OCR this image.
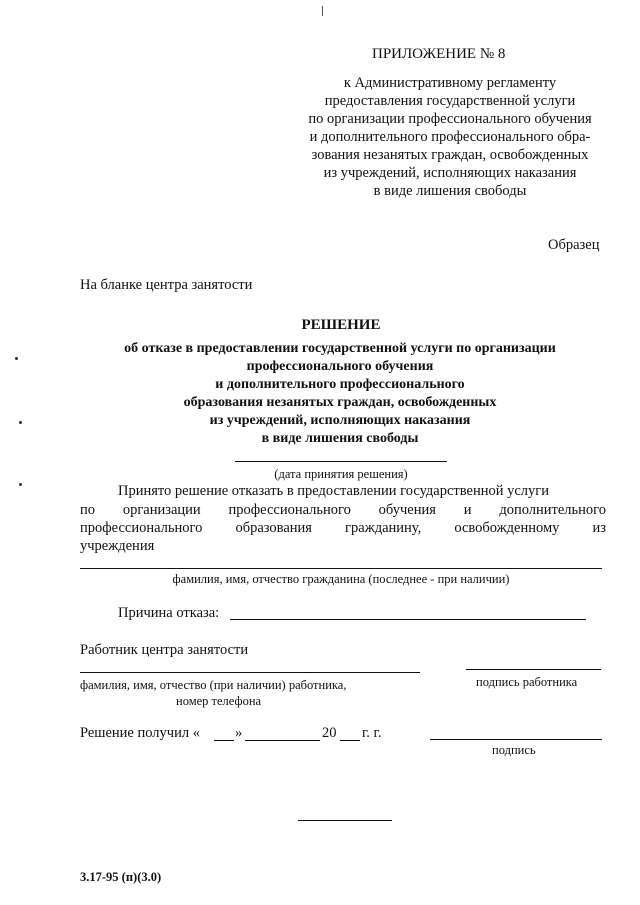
ПРИЛОЖЕНИЕ № 8
к Административному регламенту
предоставления государственной услуги
по организации профессионального обучения
и дополнительного профессионального обра-
зования незанятых граждан, освобожденных
из учреждений, исполняющих наказания
в виде лишения свободы
Образец
На бланке центра занятости
РЕШЕНИЕ
об отказе в предоставлении государственной услуги по организации
профессионального обучения
и дополнительного профессионального
образования незанятых граждан, освобожденных
из учреждений, исполняющих наказания
в виде лишения свободы
(дата принятия решения)
Принято решение отказать в предоставлении государственной услуги
по организации профессионального обучения и дополнительного
профессионального образования гражданину, освобожденному из
учреждения
фамилия, имя, отчество гражданина (последнее - при наличии)
Причина отказа:
Работник центра занятости
фамилия, имя, отчество (при наличии) работника,
номер телефона
подпись работника
Решение получил « »	20 г. г.
подпись
3.17-95 (п)(3.0)
